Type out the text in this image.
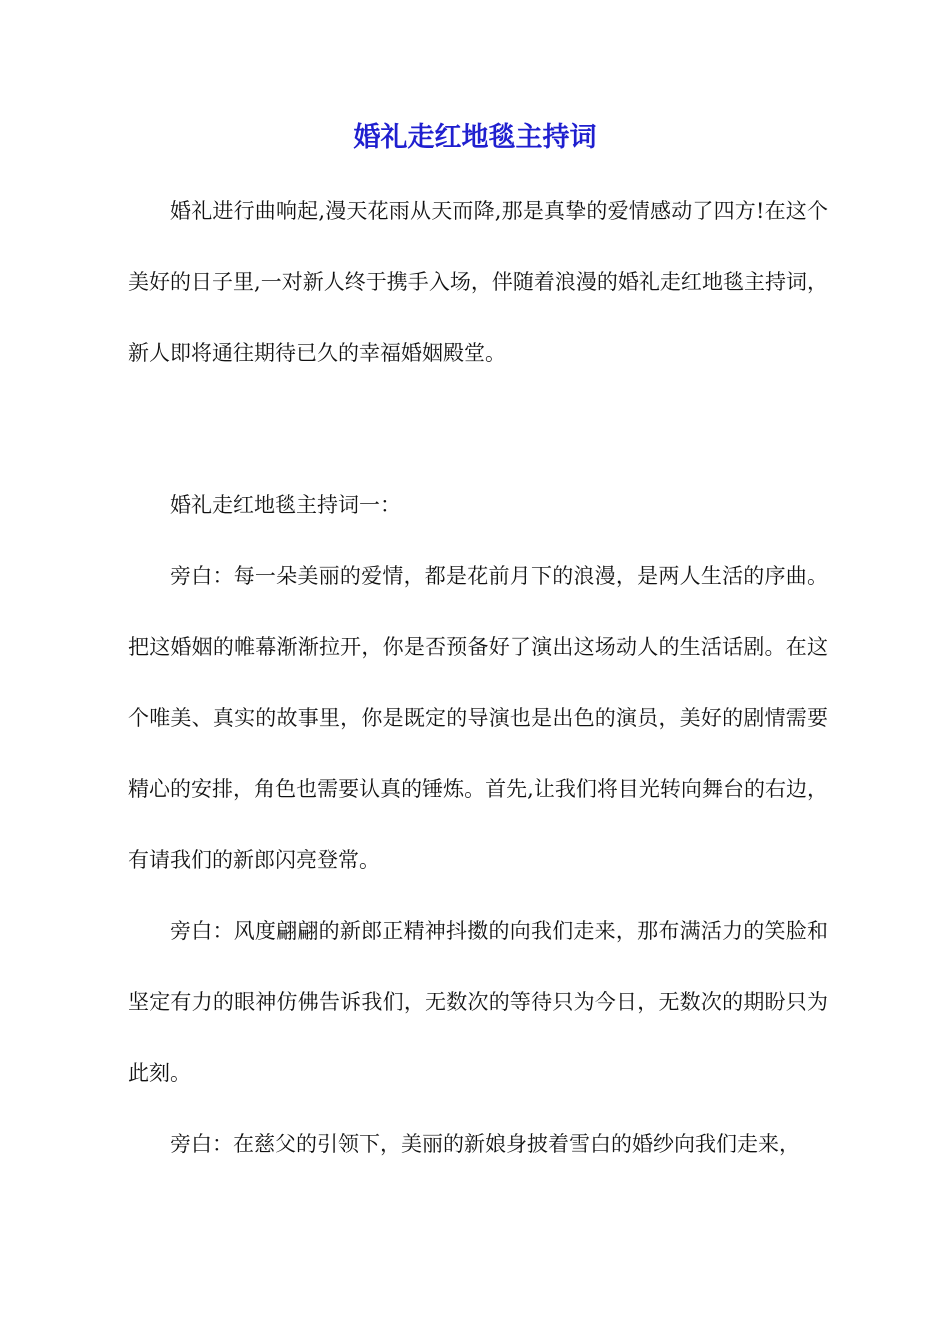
婚礼走红地毯主持词

婚礼进行曲响起,漫天花雨从天而降,那是真挚的爱情感动了四方!在这个美好的日子里,一对新人终于携手入场，伴随着浪漫的婚礼走红地毯主持词，新人即将通往期待已久的幸福婚姻殿堂。

婚礼走红地毯主持词一：

旁白：每一朵美丽的爱情，都是花前月下的浪漫，是两人生活的序曲。把这婚姻的帷幕渐渐拉开，你是否预备好了演出这场动人的生活话剧。在这个唯美、真实的故事里，你是既定的导演也是出色的演员，美好的剧情需要精心的安排，角色也需要认真的锤炼。首先,让我们将目光转向舞台的右边，有请我们的新郎闪亮登常。

旁白：风度翩翩的新郎正精神抖擞的向我们走来，那布满活力的笑脸和坚定有力的眼神仿佛告诉我们，无数次的等待只为今日，无数次的期盼只为此刻。

旁白：在慈父的引领下，美丽的新娘身披着雪白的婚纱向我们走来，
